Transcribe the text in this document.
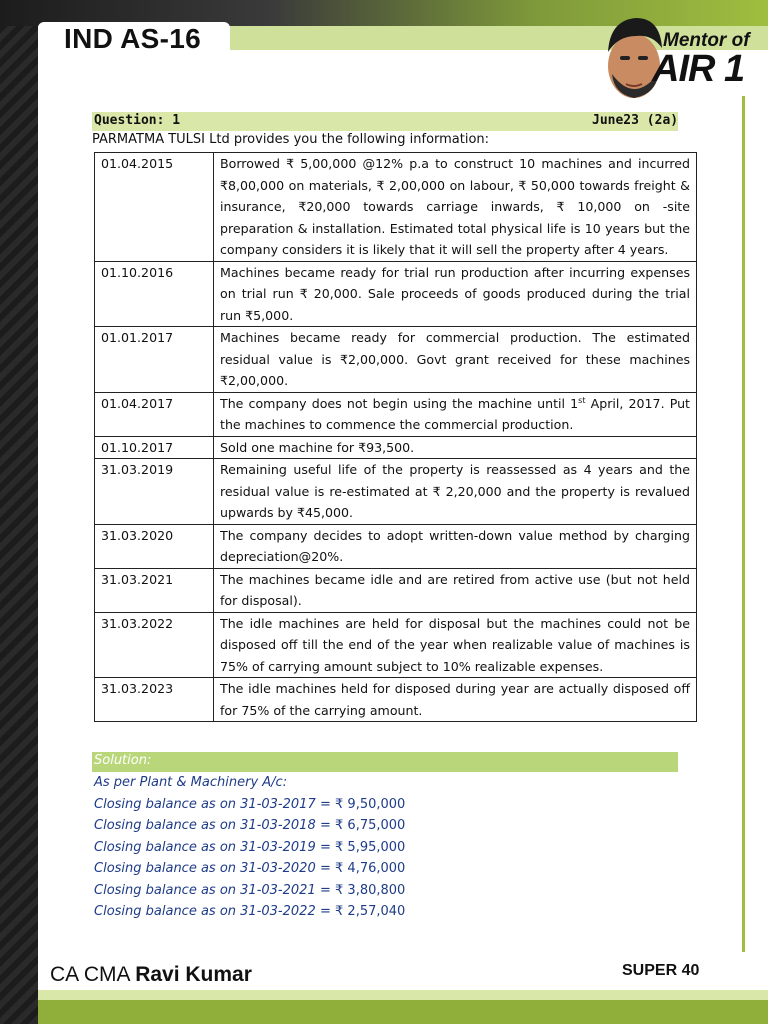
IND AS-16	Mentor of
AIR 1
Question: 1	June23 (2a)
PARMATMA TULSI Ltd provides you the following information:
01.04.2015	Borrowed ₹ 5,00,000 @12% p.a to construct 10 machines and incurred ₹8,00,000 on materials, ₹ 2,00,000 on labour, ₹ 50,000 towards freight & insurance, ₹20,000 towards carriage inwards, ₹ 10,000 on -site preparation & installation. Estimated total physical life is 10 years but the company considers it is likely that it will sell the property after 4 years.
01.10.2016	Machines became ready for trial run production after incurring expenses on trial run ₹ 20,000. Sale proceeds of goods produced during the trial run ₹5,000.
01.01.2017	Machines became ready for commercial production. The estimated residual value is ₹2,00,000. Govt grant received for these machines ₹2,00,000.
01.04.2017	The company does not begin using the machine until 1st April, 2017. Put the machines to commence the commercial production.
01.10.2017	Sold one machine for ₹93,500.
31.03.2019	Remaining useful life of the property is reassessed as 4 years and the residual value is re-estimated at ₹ 2,20,000 and the property is revalued upwards by ₹45,000.
31.03.2020	The company decides to adopt written-down value method by charging depreciation@20%.
31.03.2021	The machines became idle and are retired from active use (but not held for disposal).
31.03.2022	The idle machines are held for disposal but the machines could not be disposed off till the end of the year when realizable value of machines is 75% of carrying amount subject to 10% realizable expenses.
31.03.2023	The idle machines held for disposed during year are actually disposed off for 75% of the carrying amount.
Solution:
As per Plant & Machinery A/c:
Closing balance as on 31-03-2017 = ₹ 9,50,000
Closing balance as on 31-03-2018 = ₹ 6,75,000
Closing balance as on 31-03-2019 = ₹ 5,95,000
Closing balance as on 31-03-2020 = ₹ 4,76,000
Closing balance as on 31-03-2021 = ₹ 3,80,800
Closing balance as on 31-03-2022 = ₹ 2,57,040
CA CMA Ravi Kumar	SUPER 40
